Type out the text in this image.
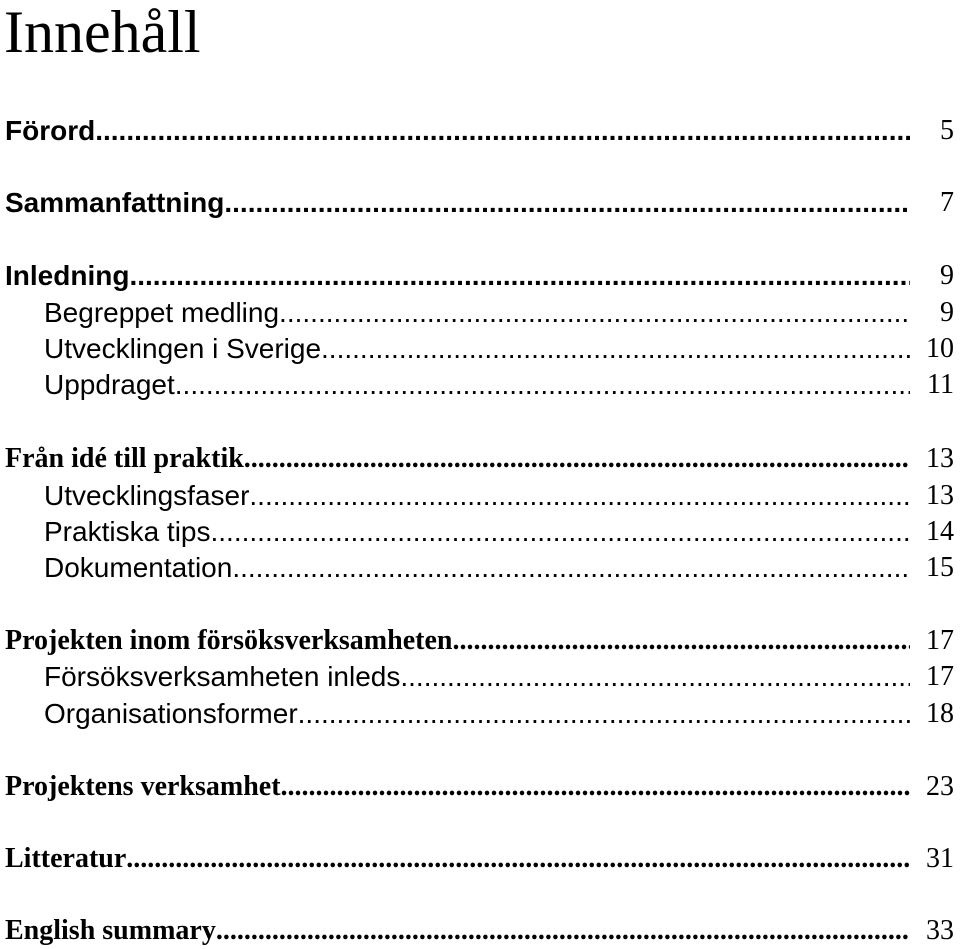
Innehåll
Förord .....	5
Sammanfattning .....	7
Inledning .....	9
Begreppet medling .....	9
Utvecklingen i Sverige .....	10
Uppdraget .....	11
Från idé till praktik .....	13
Utvecklingsfaser .....	13
Praktiska tips .....	14
Dokumentation .....	15
Projekten inom försöksverksamheten .....	17
Försöksverksamheten inleds .....	17
Organisationsformer .....	18
Projektens verksamhet .....	23
Litteratur .....	31
English summary .....	33
